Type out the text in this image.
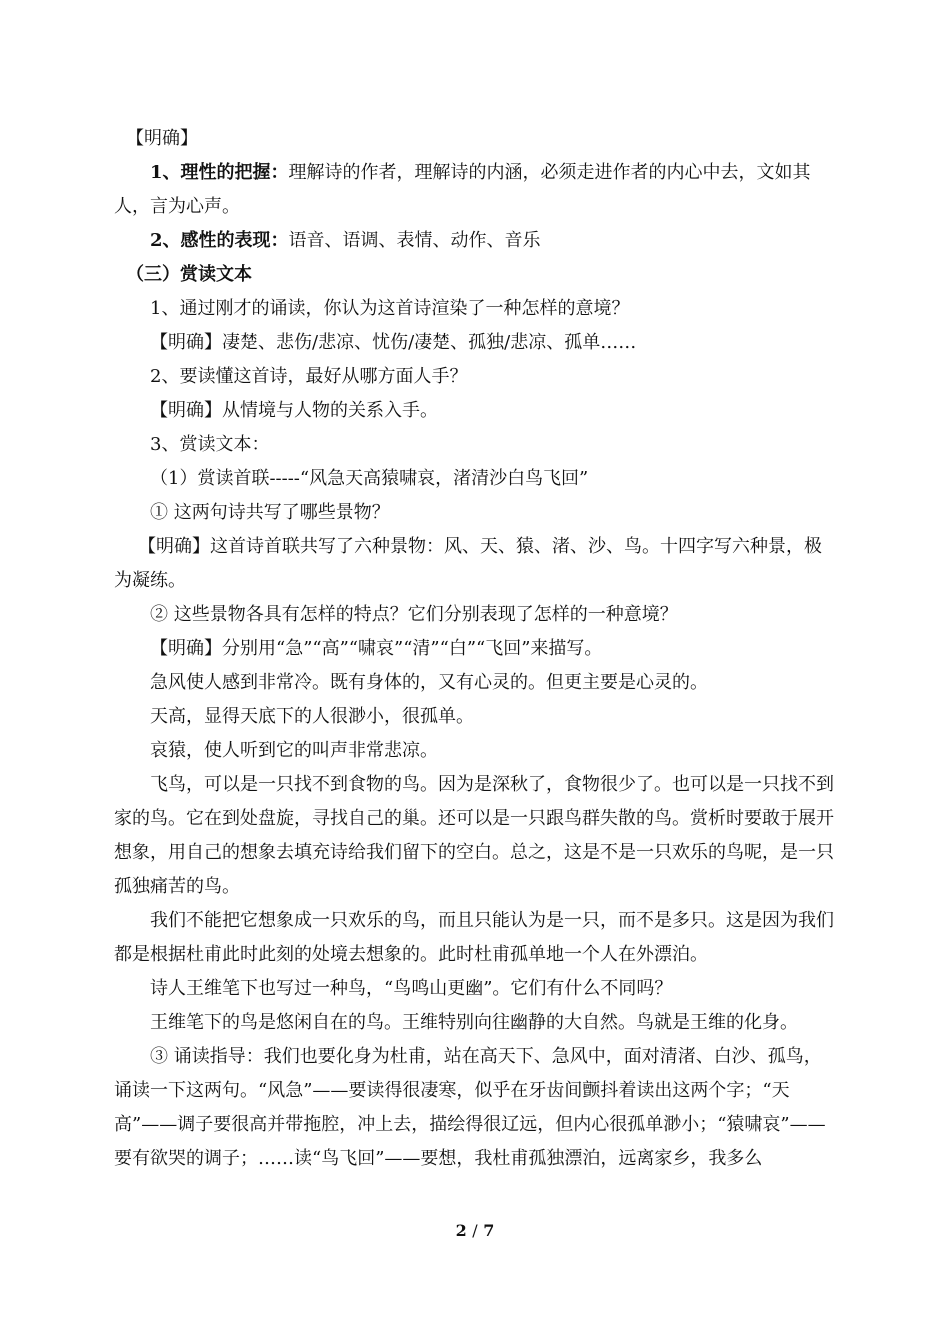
【明确】

1、理性的把握：理解诗的作者，理解诗的内涵，必须走进作者的内心中去，文如其人，言为心声。

2、感性的表现：语音、语调、表情、动作、音乐

（三）赏读文本

1、通过刚才的诵读，你认为这首诗渲染了一种怎样的意境？

【明确】凄楚、悲伤/悲凉、忧伤/凄楚、孤独/悲凉、孤单……

2、要读懂这首诗，最好从哪方面人手？

【明确】从情境与人物的关系入手。

3、赏读文本：

（1）赏读首联-----“风急天高猿啸哀，渚清沙白鸟飞回”

① 这两句诗共写了哪些景物？

【明确】这首诗首联共写了六种景物：风、天、猿、渚、沙、鸟。十四字写六种景，极为凝练。

② 这些景物各具有怎样的特点？它们分别表现了怎样的一种意境？

【明确】分别用“急”“高”“啸哀”“清”“白”“飞回”来描写。

急风使人感到非常冷。既有身体的，又有心灵的。但更主要是心灵的。

天高，显得天底下的人很渺小，很孤单。

哀猿，使人听到它的叫声非常悲凉。

飞鸟，可以是一只找不到食物的鸟。因为是深秋了，食物很少了。也可以是一只找不到家的鸟。它在到处盘旋，寻找自己的巢。还可以是一只跟鸟群失散的鸟。赏析时要敢于展开想象，用自己的想象去填充诗给我们留下的空白。总之，这是不是一只欢乐的鸟呢，是一只孤独痛苦的鸟。

我们不能把它想象成一只欢乐的鸟，而且只能认为是一只，而不是多只。这是因为我们都是根据杜甫此时此刻的处境去想象的。此时杜甫孤单地一个人在外漂泊。

诗人王维笔下也写过一种鸟，“鸟鸣山更幽”。它们有什么不同吗？

王维笔下的鸟是悠闲自在的鸟。王维特别向往幽静的大自然。鸟就是王维的化身。

③ 诵读指导：我们也要化身为杜甫，站在高天下、急风中，面对清渚、白沙、孤鸟，诵读一下这两句。“风急”——要读得很凄寒，似乎在牙齿间颤抖着读出这两个字；“天高”——调子要很高并带拖腔，冲上去，描绘得很辽远，但内心很孤单渺小；“猿啸哀”——要有欲哭的调子；……读“鸟飞回”——要想，我杜甫孤独漂泊，远离家乡，我多么

2 / 7
